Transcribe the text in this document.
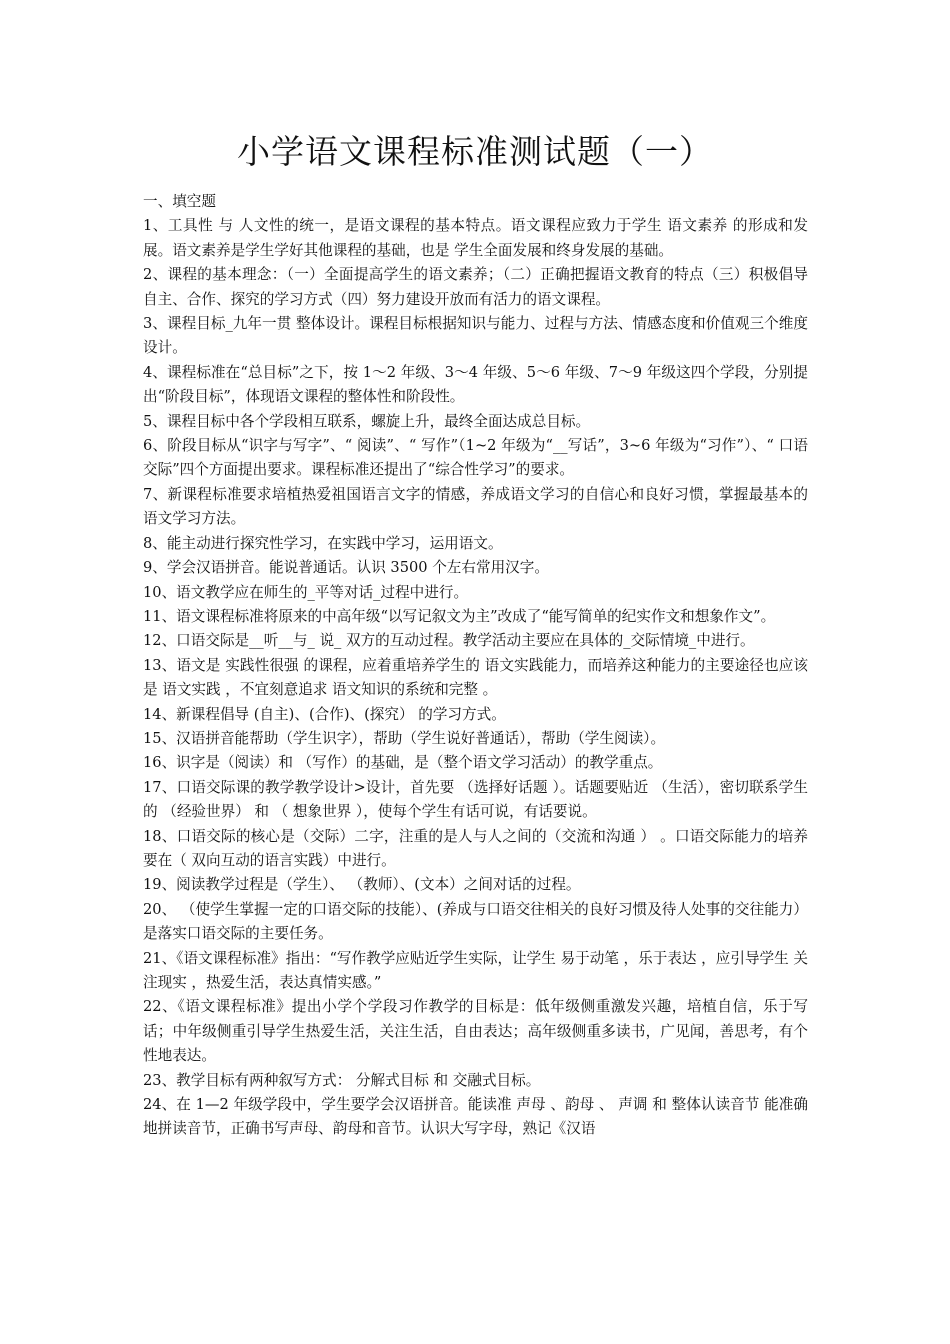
小学语文课程标准测试题（一）

一、填空题

1、工具性 与 人文性的统一，是语文课程的基本特点。语文课程应致力于学生 语文素养 的形成和发展。语文素养是学生学好其他课程的基础，也是 学生全面发展和终身发展的基础。

2、课程的基本理念：（一）全面提高学生的语文素养；（二）正确把握语文教育的特点（三）积极倡导自主、合作、探究的学习方式（四）努力建设开放而有活力的语文课程。

3、课程目标_九年一贯 整体设计。课程目标根据知识与能力、过程与方法、情感态度和价值观三个维度设计。

4、课程标准在“总目标”之下，按 1～2 年级、3～4 年级、5～6 年级、7～9 年级这四个学段，分别提出“阶段目标”，体现语文课程的整体性和阶段性。

5、课程目标中各个学段相互联系，螺旋上升，最终全面达成总目标。

6、阶段目标从“识字与写字”、“ 阅读”、“ 写作”（1~2 年级为“__写话”，3~6 年级为“习作”）、“ 口语交际”四个方面提出要求。课程标准还提出了“综合性学习”的要求。

7、新课程标准要求培植热爱祖国语言文字的情感，养成语文学习的自信心和良好习惯，掌握最基本的语文学习方法。

8、能主动进行探究性学习，在实践中学习，运用语文。

9、学会汉语拼音。能说普通话。认识 3500 个左右常用汉字。

10、语文教学应在师生的_平等对话_过程中进行。

11、语文课程标准将原来的中高年级“以写记叙文为主”改成了“能写简单的纪实作文和想象作文”。

12、口语交际是__听__与_ 说_ 双方的互动过程。教学活动主要应在具体的_交际情境_中进行。

13、语文是 实践性很强 的课程，应着重培养学生的 语文实践能力，而培养这种能力的主要途径也应该是 语文实践 ，不宜刻意追求 语文知识的系统和完整 。

14、新课程倡导 (自主)、(合作)、(探究） 的学习方式。

15、汉语拼音能帮助（学生识字），帮助（学生说好普通话），帮助（学生阅读）。

16、识字是（阅读）和 （写作）的基础，是（整个语文学习活动）的教学重点。

17、口语交际课的教学教学设计>设计，首先要 （选择好话题 ）。话题要贴近 （生活），密切联系学生的 （经验世界） 和 （ 想象世界 ），使每个学生有话可说，有话要说。

18、口语交际的核心是（交际）二字，注重的是人与人之间的（交流和沟通 ） 。口语交际能力的培养要在（ 双向互动的语言实践）中进行。

19、阅读教学过程是（学生）、 （教师）、(文本）之间对话的过程。

20、 （使学生掌握一定的口语交际的技能）、(养成与口语交往相关的良好习惯及待人处事的交往能力）是落实口语交际的主要任务。

21、《语文课程标准》指出：“写作教学应贴近学生实际，让学生 易于动笔 ，乐于表达 ，应引导学生 关注现实 ，热爱生活，表达真情实感。”

22、《语文课程标准》提出小学个学段习作教学的目标是：低年级侧重激发兴趣，培植自信，乐于写话；中年级侧重引导学生热爱生活，关注生活，自由表达；高年级侧重多读书，广见闻，善思考，有个性地表达。

23、教学目标有两种叙写方式： 分解式目标 和 交融式目标。

24、在 1—2 年级学段中，学生要学会汉语拼音。能读准 声母 、韵母 、 声调 和 整体认读音节 能准确地拼读音节，正确书写声母、韵母和音节。认识大写字母，熟记《汉语
